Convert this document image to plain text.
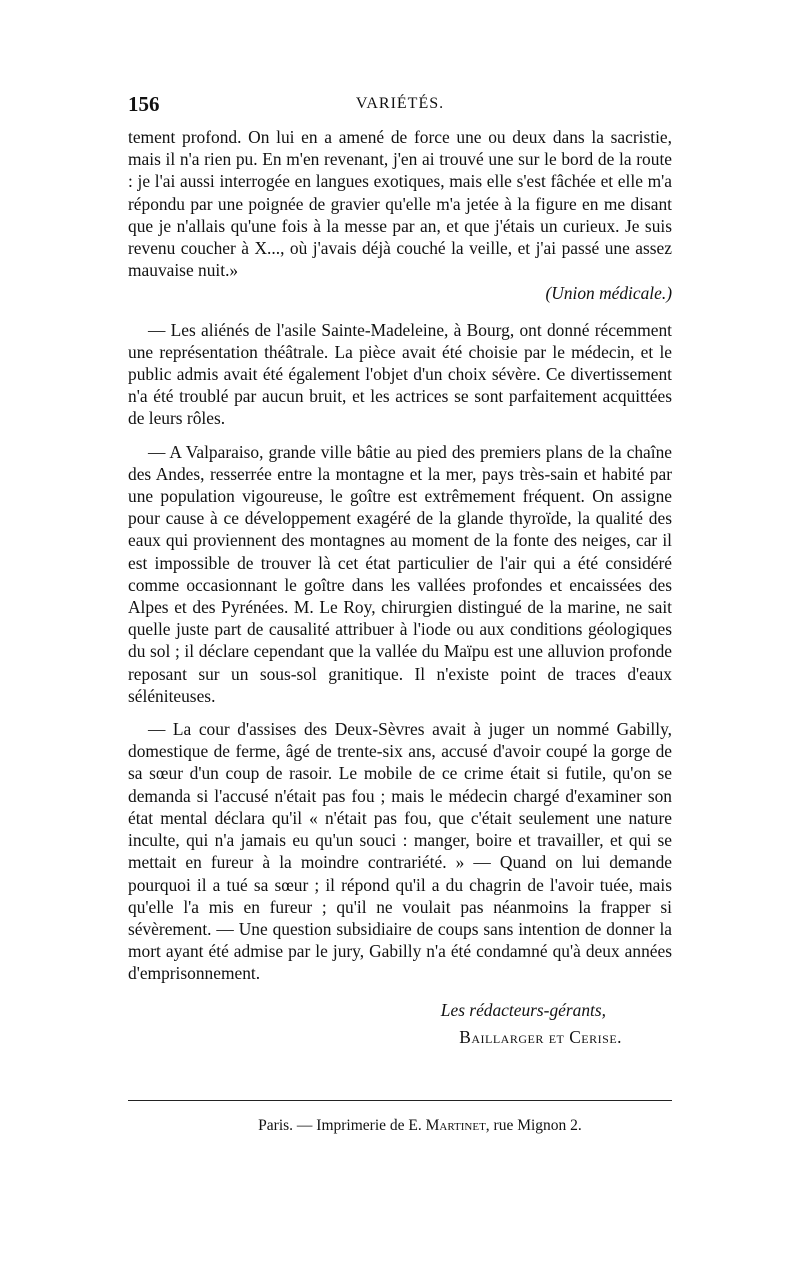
156	VARIÉTÉS.

tement profond. On lui en a amené de force une ou deux dans la sacristie, mais il n'a rien pu. En m'en revenant, j'en ai trouvé une sur le bord de la route : je l'ai aussi interrogée en langues exotiques, mais elle s'est fâchée et elle m'a répondu par une poignée de gravier qu'elle m'a jetée à la figure en me disant que je n'allais qu'une fois à la messe par an, et que j'étais un curieux. Je suis revenu coucher à X..., où j'avais déjà couché la veille, et j'ai passé une assez mauvaise nuit.»

(Union médicale.)

— Les aliénés de l'asile Sainte-Madeleine, à Bourg, ont donné récemment une représentation théâtrale. La pièce avait été choisie par le médecin, et le public admis avait été également l'objet d'un choix sévère. Ce divertissement n'a été troublé par aucun bruit, et les actrices se sont parfaitement acquittées de leurs rôles.

— A Valparaiso, grande ville bâtie au pied des premiers plans de la chaîne des Andes, resserrée entre la montagne et la mer, pays très-sain et habité par une population vigoureuse, le goître est extrêmement fréquent. On assigne pour cause à ce développement exagéré de la glande thyroïde, la qualité des eaux qui proviennent des montagnes au moment de la fonte des neiges, car il est impossible de trouver là cet état particulier de l'air qui a été considéré comme occasionnant le goître dans les vallées profondes et encaissées des Alpes et des Pyrénées. M. Le Roy, chirurgien distingué de la marine, ne sait quelle juste part de causalité attribuer à l'iode ou aux conditions géologiques du sol ; il déclare cependant que la vallée du Maïpu est une alluvion profonde reposant sur un sous-sol granitique. Il n'existe point de traces d'eaux séléniteuses.

— La cour d'assises des Deux-Sèvres avait à juger un nommé Gabilly, domestique de ferme, âgé de trente-six ans, accusé d'avoir coupé la gorge de sa sœur d'un coup de rasoir. Le mobile de ce crime était si futile, qu'on se demanda si l'accusé n'était pas fou ; mais le médecin chargé d'examiner son état mental déclara qu'il « n'était pas fou, que c'était seulement une nature inculte, qui n'a jamais eu qu'un souci : manger, boire et travailler, et qui se mettait en fureur à la moindre contrariété. » — Quand on lui demande pourquoi il a tué sa sœur ; il répond qu'il a du chagrin de l'avoir tuée, mais qu'elle l'a mis en fureur ; qu'il ne voulait pas néanmoins la frapper si sévèrement. — Une question subsidiaire de coups sans intention de donner la mort ayant été admise par le jury, Gabilly n'a été condamné qu'à deux années d'emprisonnement.

Les rédacteurs-gérants,

Baillarger et Cerise.

Paris. — Imprimerie de E. Martinet, rue Mignon 2.
